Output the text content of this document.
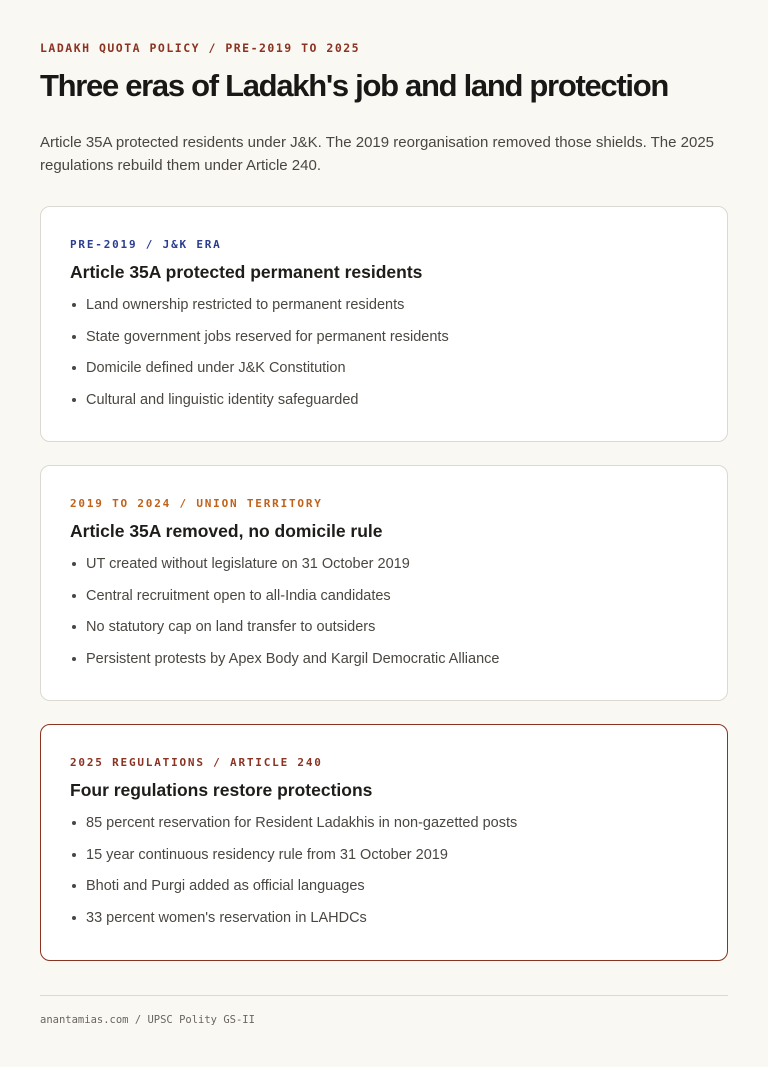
LADAKH QUOTA POLICY / PRE-2019 TO 2025
Three eras of Ladakh's job and land protection

Article 35A protected residents under J&K. The 2019 reorganisation removed those shields. The 2025 regulations rebuild them under Article 240.

PRE-2019 / J&K ERA
Article 35A protected permanent residents
Land ownership restricted to permanent residents
State government jobs reserved for permanent residents
Domicile defined under J&K Constitution
Cultural and linguistic identity safeguarded
2019 TO 2024 / UNION TERRITORY
Article 35A removed, no domicile rule
UT created without legislature on 31 October 2019
Central recruitment open to all-India candidates
No statutory cap on land transfer to outsiders
Persistent protests by Apex Body and Kargil Democratic Alliance
2025 REGULATIONS / ARTICLE 240
Four regulations restore protections
85 percent reservation for Resident Ladakhis in non-gazetted posts
15 year continuous residency rule from 31 October 2019
Bhoti and Purgi added as official languages
33 percent women's reservation in LAHDCs
anantamias.com / UPSC Polity GS-II
